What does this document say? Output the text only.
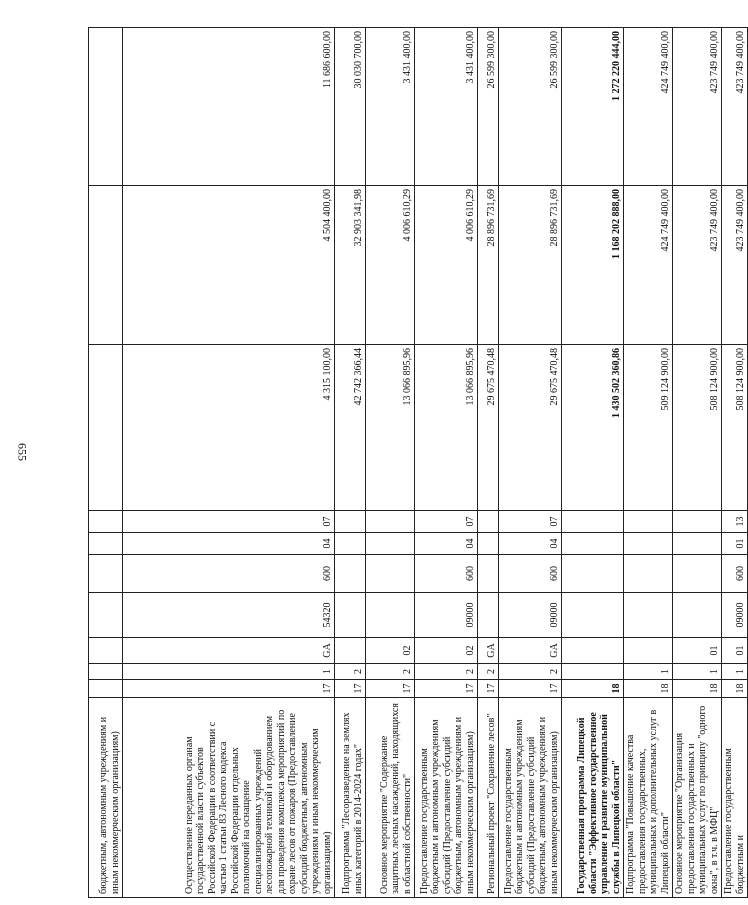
655
бюджетным, автономным учреждениям и иным некоммерческим организациям)										
Осуществление переданных органам государственной власти субъектов Российской Федерации в соответствии с частью 1 статьи 83 Лесного кодекса Российской Федерации отдельных полномочий на оснащение специализированных учреждений лесопожарной техникой и оборудованием для проведения комплекса мероприятий по охране лесов от пожаров (Предоставление субсидий бюджетным, автономным учреждениям и иным некоммерческим организациям)	17	1	GA	54320	600	04	07	4 315 100,00	4 504 400,00	11 686 600,00
Подпрограмма "Лесоразведение на землях иных категорий в 2014-2024 годах"	17	2						42 742 366,44	32 903 341,98	30 030 700,00
Основное мероприятие "Содержание защитных лесных насаждений, находящихся в областной собственности"	17	2	02					13 066 895,96	4 006 610,29	3 431 400,00
Предоставление государственным бюджетным и автономным учреждениям субсидий (Предоставление субсидий бюджетным, автономным учреждениям и иным некоммерческим организациям)	17	2	02	09000	600	04	07	13 066 895,96	4 006 610,29	3 431 400,00
Региональный проект "Сохранение лесов"	17	2	GA					29 675 470,48	28 896 731,69	26 599 300,00
Предоставление государственным бюджетным и автономным учреждениям субсидий (Предоставление субсидий бюджетным, автономным учреждениям и иным некоммерческим организациям)	17	2	GA	09000	600	04	07	29 675 470,48	28 896 731,69	26 599 300,00
Государственная программа Липецкой области "Эффективное государственное управление и развитие муниципальной службы в Липецкой области"	18							1 430 502 360,86	1 168 202 888,00	1 272 220 444,00
Подпрограмма "Повышение качества предоставления государственных, муниципальных и дополнительных услуг в Липецкой области"	18	1						509 124 900,00	424 749 400,00	424 749 400,00
Основное мероприятие "Организация предоставления государственных и муниципальных услуг по принципу "одного окна", в т.ч. в МФЦ"	18	1	01					508 124 900,00	423 749 400,00	423 749 400,00
Предоставление государственным бюджетным и	18	1	01	09000	600	01	13	508 124 900,00	423 749 400,00	423 749 400,00
